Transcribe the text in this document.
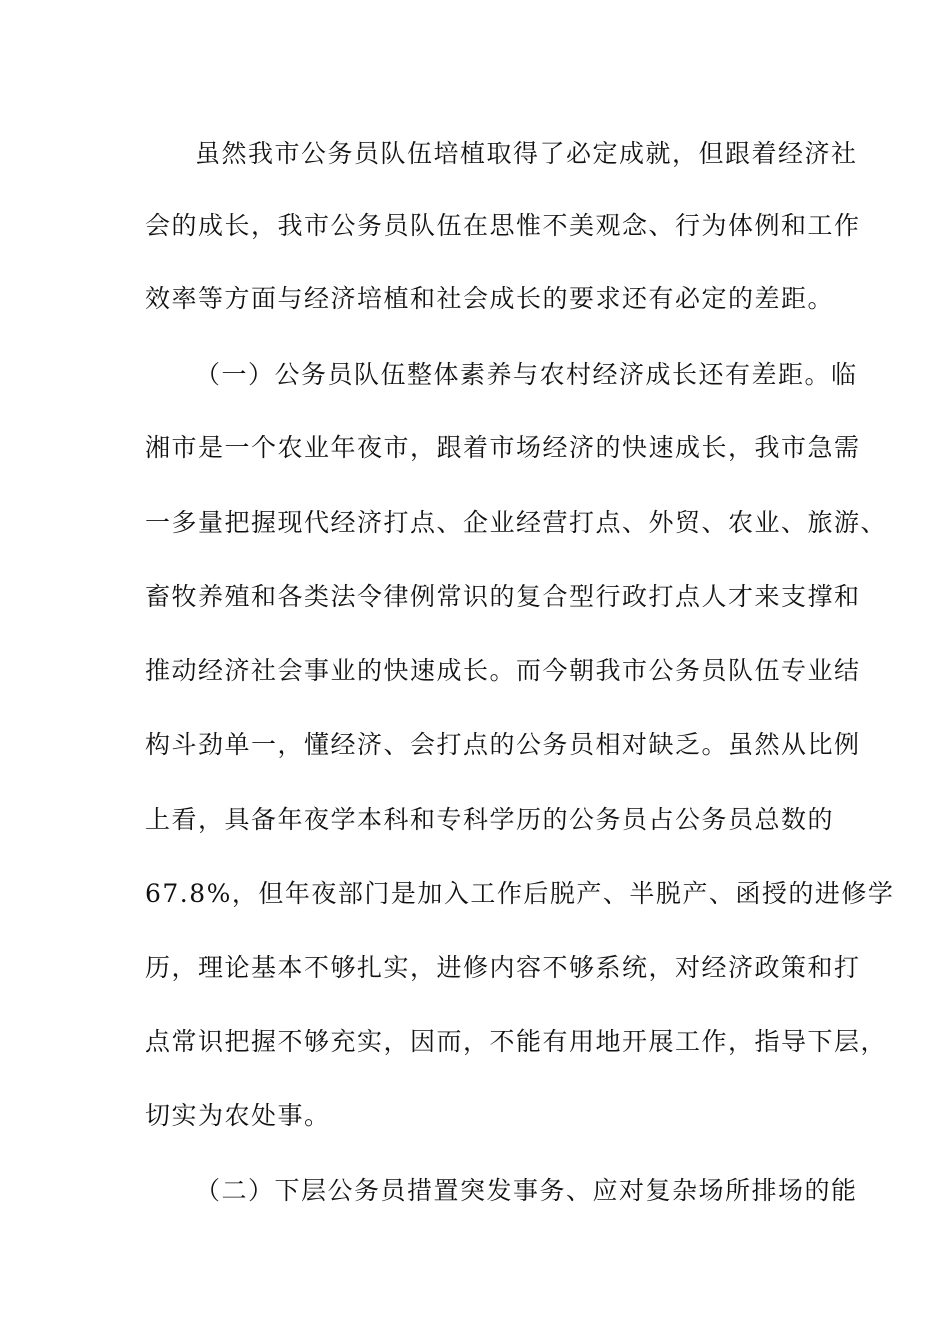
虽然我市公务员队伍培植取得了必定成就，但跟着经济社
会的成长，我市公务员队伍在思惟不美观念、行为体例和工作
效率等方面与经济培植和社会成长的要求还有必定的差距。
（一）公务员队伍整体素养与农村经济成长还有差距。临
湘市是一个农业年夜市，跟着市场经济的快速成长，我市急需
一多量把握现代经济打点、企业经营打点、外贸、农业、旅游、
畜牧养殖和各类法令律例常识的复合型行政打点人才来支撑和
推动经济社会事业的快速成长。而今朝我市公务员队伍专业结
构斗劲单一，懂经济、会打点的公务员相对缺乏。虽然从比例
上看，具备年夜学本科和专科学历的公务员占公务员总数的
67.8%，但年夜部门是加入工作后脱产、半脱产、函授的进修学
历，理论基本不够扎实，进修内容不够系统，对经济政策和打
点常识把握不够充实，因而，不能有用地开展工作，指导下层，
切实为农处事。
（二）下层公务员措置突发事务、应对复杂场所排场的能
